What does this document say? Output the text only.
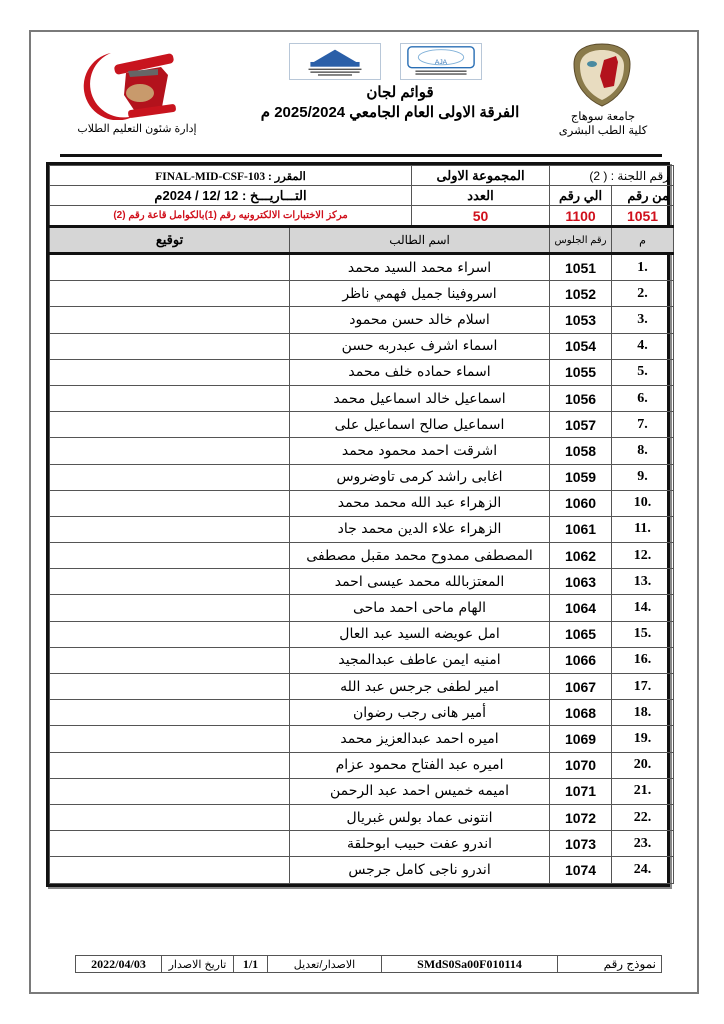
إدارة شئون التعليم الطلاب
AJA
قوائم لجان
الفرقة الاولى العام الجامعي 2025/2024 م	جامعة سوهاج
كلية الطب البشرى
رقم اللجنة : ( 2)		المجموعة الاولى	المقرر : FINAL-MID-CSF-103	
من رقم	الي رقم	العدد	التـــاريـــخ : 12 /12 / 2024م	
1051	1100	50	مركز الاختبارات الالكترونيه رقم (1)بالكوامل قاعة رقم (2)	
م	رقم الجلوس	اسم الطالب		توقيع
.1	1051	اسراء محمد السيد محمد		
.2	1052	اسروفينا جميل فهمي ناظر		
.3	1053	اسلام خالد حسن محمود		
.4	1054	اسماء اشرف عبدربه حسن		
.5	1055	اسماء حماده خلف محمد		
.6	1056	اسماعيل خالد اسماعيل محمد		
.7	1057	اسماعيل صالح اسماعيل على		
.8	1058	اشرقت احمد محمود محمد		
.9	1059	اغابى راشد كرمى تاوضروس		
.10	1060	الزهراء عبد الله محمد محمد		
.11	1061	الزهراء علاء الدين محمد جاد		
.12	1062	المصطفى ممدوح محمد مقبل مصطفى		
.13	1063	المعتزبالله محمد عيسى احمد		
.14	1064	الهام ماحى احمد ماحى		
.15	1065	امل عويضه السيد عبد العال		
.16	1066	امنيه ايمن عاطف عبدالمجيد		
.17	1067	امير لطفى جرجس عبد الله		
.18	1068	أمير هانى رجب رضوان		
.19	1069	اميره احمد عبدالعزيز محمد		
.20	1070	اميره عبد الفتاح محمود عزام		
.21	1071	اميمه خميس احمد عبد الرحمن		
.22	1072	انتونى عماد بولس غبريال		
.23	1073	اندرو عفت حبيب ابوحلقة		
.24	1074	اندرو ناجى كامل جرجس		
نموذج رقم	SMdS0Sa00F010114	الاصدار/تعديل	1/1	تاريخ الاصدار	2022/04/03
